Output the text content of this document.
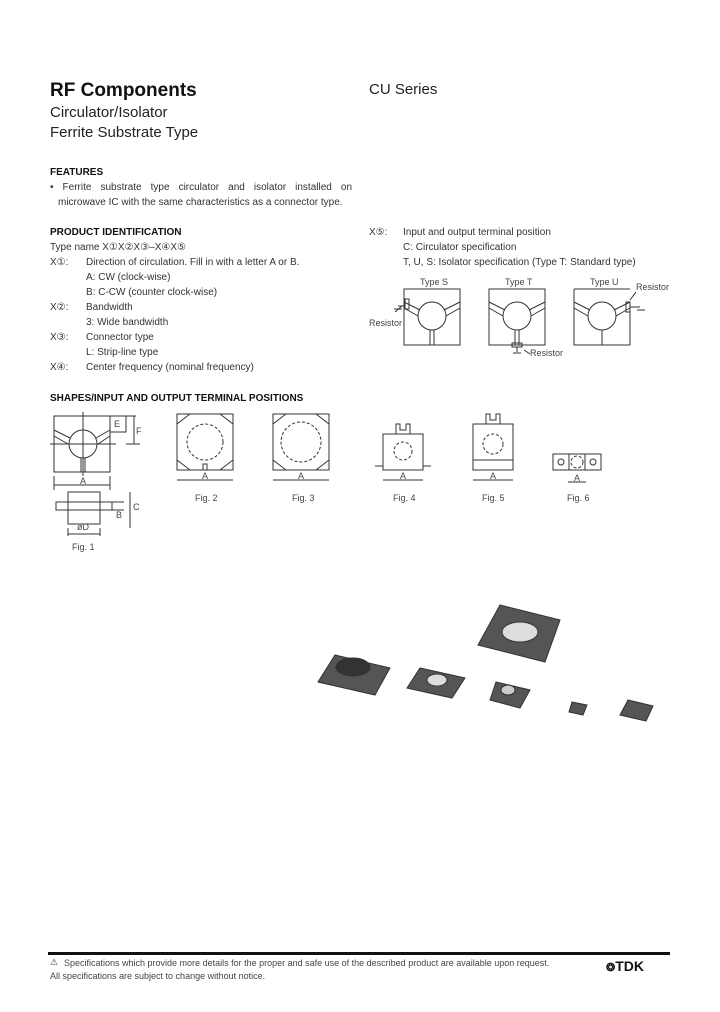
RF Components	CU Series
Circulator/Isolator
Ferrite Substrate Type
FEATURES
• Ferrite substrate type circulator and isolator installed on
microwave IC with the same characteristics as a connector type.
PRODUCT IDENTIFICATION
Type name X①X②X③–X④X⑤
X①: Direction of circulation. Fill in with a letter A or B.
A: CW (clock-wise)
B: C-CW (counter clock-wise)
X②: Bandwidth
3: Wide bandwidth
X③: Connector type
L: Strip-line type
X④: Center frequency (nominal frequency)
X⑤: Input and output terminal position
C: Circulator specification
T, U, S: Isolator specification (Type T: Standard type)
Type S	Type T	Type U
Resistor
Resistor
Resistor
SHAPES/INPUT AND OUTPUT TERMINAL POSITIONS
A
E
F
B
C
øD
A	A	A	A	A
Fig. 1
Fig. 2	Fig. 3	Fig. 4	Fig. 5	Fig. 6
⚠ Specifications which provide more details for the proper and safe use of the described product are available upon request.
All specifications are subject to change without notice.
❂TDK
